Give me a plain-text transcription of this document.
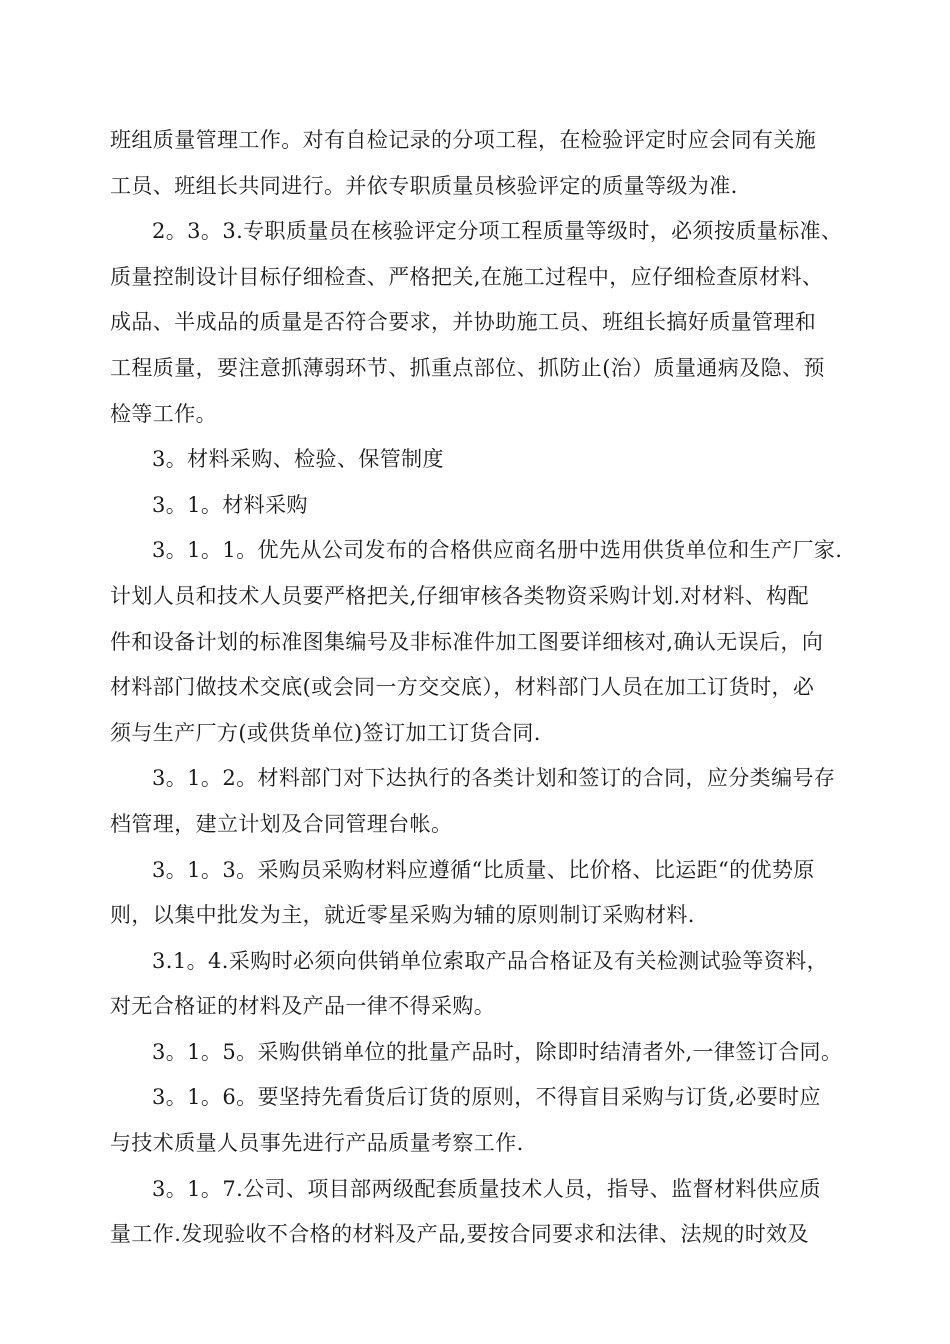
班组质量管理工作。对有自检记录的分项工程，在检验评定时应会同有关施
工员、班组长共同进行。并依专职质量员核验评定的质量等级为准.

2。3。3.专职质量员在核验评定分项工程质量等级时，必须按质量标准、
质量控制设计目标仔细检查、严格把关,在施工过程中，应仔细检查原材料、
成品、半成品的质量是否符合要求，并协助施工员、班组长搞好质量管理和
工程质量，要注意抓薄弱环节、抓重点部位、抓防止(治）质量通病及隐、预
检等工作。

3。材料采购、检验、保管制度

3。1。材料采购

3。1。1。优先从公司发布的合格供应商名册中选用供货单位和生产厂家.
计划人员和技术人员要严格把关,仔细审核各类物资采购计划.对材料、构配
件和设备计划的标准图集编号及非标准件加工图要详细核对,确认无误后，向
材料部门做技术交底(或会同一方交交底），材料部门人员在加工订货时，必
须与生产厂方(或供货单位)签订加工订货合同.

3。1。2。材料部门对下达执行的各类计划和签订的合同，应分类编号存
档管理，建立计划及合同管理台帐。

3。1。3。采购员采购材料应遵循“比质量、比价格、比运距“的优势原
则，以集中批发为主，就近零星采购为辅的原则制订采购材料.

3.1。4.采购时必须向供销单位索取产品合格证及有关检测试验等资料，
对无合格证的材料及产品一律不得采购。

3。1。5。采购供销单位的批量产品时，除即时结清者外,一律签订合同。

3。1。6。要坚持先看货后订货的原则，不得盲目采购与订货,必要时应
与技术质量人员事先进行产品质量考察工作.

3。1。7.公司、项目部两级配套质量技术人员，指导、监督材料供应质
量工作.发现验收不合格的材料及产品,要按合同要求和法律、法规的时效及
